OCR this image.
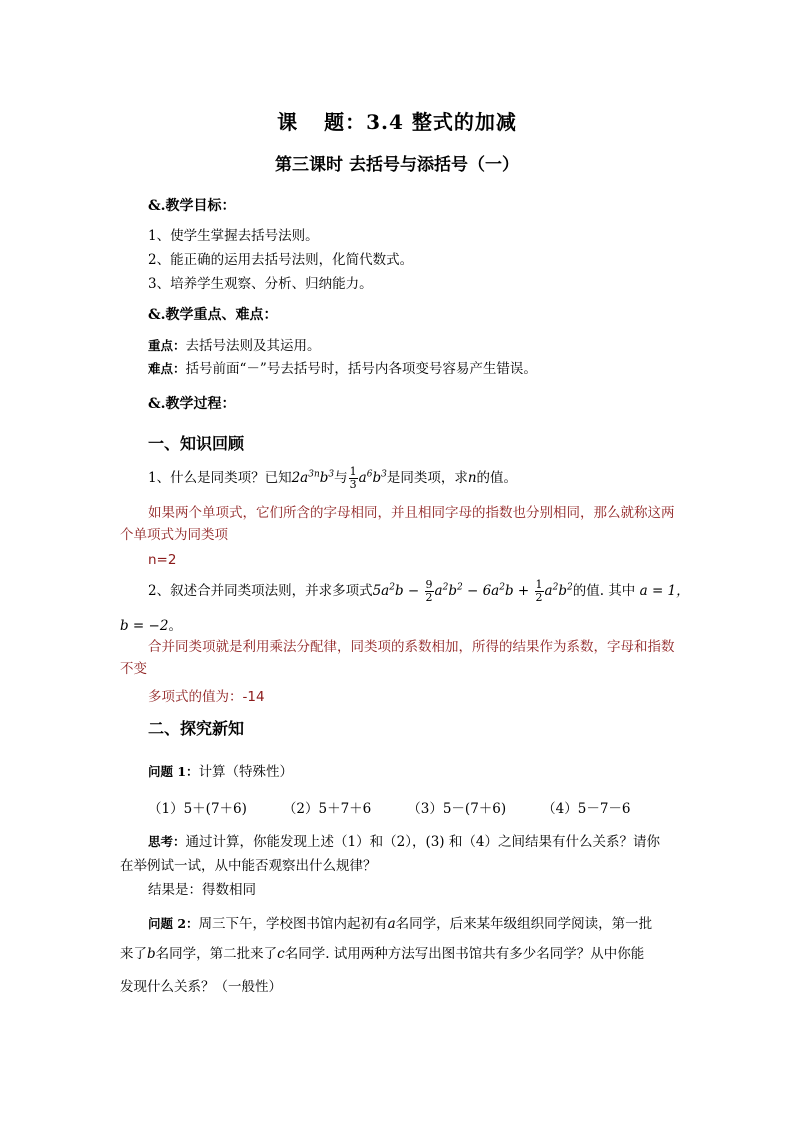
课 题：3.4 整式的加减
第三课时 去括号与添括号（一）
&.教学目标：
1、使学生掌握去括号法则。
2、能正确的运用去括号法则，化简代数式。
3、培养学生观察、分析、归纳能力。
&.教学重点、难点：
重点：去括号法则及其运用。
难点：括号前面“－”号去括号时，括号内各项变号容易产生错误。
&.教学过程：
一、知识回顾
1、什么是同类项？已知$2a^{3n}b^3$与 $\frac{1}{3} a^6b^3$是同类项，求n的值。
如果两个单项式，它们所含的字母相同，并且相同字母的指数也分别相同，那么就称这两个单项式为同类项
n=2
2、叙述合并同类项法则，并求多项式$5a^2b - \frac{9}{2} a^2b^2 - 6a^2b + \frac{1}{2} a^2b^2$的值. 其中 a = 1，
b = −2。
合并同类项就是利用乘法分配律，同类项的系数相加，所得的结果作为系数，字母和指数不变
多项式的值为：-14
二、探究新知
问题 1：计算（特殊性）
（1）5＋(7＋6)	（2）5＋7＋6	（3）5－(7＋6)	（4）5－7－6
思考：通过计算，你能发现上述（1）和（2），(3) 和（4）之间结果有什么关系？请你在举例试一试，从中能否观察出什么规律？
结果是：得数相同
问题 2：周三下午，学校图书馆内起初有a名同学，后来某年级组织同学阅读，第一批
来了b名同学，第二批来了c名同学. 试用两种方法写出图书馆共有多少名同学？从中你能
发现什么关系？（一般性）
